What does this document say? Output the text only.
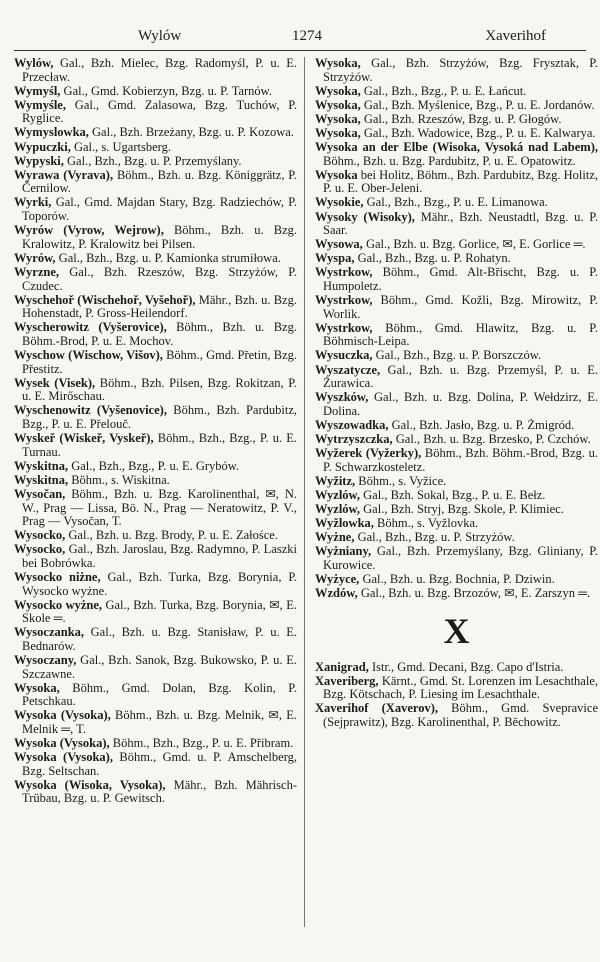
Wylów	1274	Xaverihof

Wylów, Gal., Bzh. Mielec, Bzg. Radomyśl, P. u. E. Przecław.

Wymyśl, Gal., Gmd. Kobierzyn, Bzg. u. P. Tarnów.

Wymyśle, Gal., Gmd. Zalasowa, Bzg. Tuchów, P. Ryglice.

Wymyslowka, Gal., Bzh. Brzeżany, Bzg. u. P. Kozowa.

Wypuczki, Gal., s. Ugartsberg.

Wypyski, Gal., Bzh., Bzg. u. P. Przemyślany.

Wyrawa (Vyrava), Böhm., Bzh. u. Bzg. Königgrätz, P. Černilow.

Wyrki, Gal., Gmd. Majdan Stary, Bzg. Radziechów, P. Toporów.

Wyrów (Vyrow, Wejrow), Böhm., Bzh. u. Bzg. Kralowitz, P. Kralowitz bei Pilsen.

Wyrów, Gal., Bzh., Bzg. u. P. Kamionka strumiłowa.

Wyrzne, Gal., Bzh. Rzeszów, Bzg. Strzyżów, P. Czudec.

Wyschehoř (Wischehoř, Vyšehoř), Mähr., Bzh. u. Bzg. Hohenstadt, P. Gross-Heilendorf.

Wyscherowitz (Vyšerovice), Böhm., Bzh. u. Bzg. Böhm.-Brod, P. u. E. Mochov.

Wyschow (Wischow, Višov), Böhm., Gmd. Přetin, Bzg. Přestitz.

Wysek (Visek), Böhm., Bzh. Pilsen, Bzg. Rokitzan, P. u. E. Mirőschau.

Wyschenowitz (Vyšenovice), Böhm., Bzh. Pardubitz, Bzg., P. u. E. Přelouč.

Wyskeř (Wiskeř, Vyskeř), Böhm., Bzh., Bzg., P. u. E. Turnau.

Wyskitna, Gal., Bzh., Bzg., P. u. E. Grybów.

Wyskitna, Böhm., s. Wiskitna.

Wysočan, Böhm., Bzh. u. Bzg. Karolinenthal, ✉, N. W., Prag — Lissa, Bö. N., Prag — Neratowitz, P. V., Prag — Vysočan, T.

Wysocko, Gal., Bzh. u. Bzg. Brody, P. u. E. Załośce.

Wysocko, Gal., Bzh. Jaroslau, Bzg. Radymno, P. Laszki bei Bobrówka.

Wysocko niżne, Gal., Bzh. Turka, Bzg. Borynia, P. Wysocko wyżne.

Wysocko wyżne, Gal., Bzh. Turka, Bzg. Borynia, ✉, E. Skole ═.

Wysoczanka, Gal., Bzh. u. Bzg. Stanisław, P. u. E. Bednarów.

Wysoczany, Gal., Bzh. Sanok, Bzg. Bukowsko, P. u. E. Szczawne.

Wysoka, Böhm., Gmd. Dolan, Bzg. Kolin, P. Petschkau.

Wysoka (Vysoka), Böhm., Bzh. u. Bzg. Melnik, ✉, E. Melnik ═, T.

Wysoka (Vysoka), Böhm., Bzh., Bzg., P. u. E. Přibram.

Wysoka (Vysoka), Böhm., Gmd. u. P. Amschelberg, Bzg. Seltschan.

Wysoka (Wisoka, Vysoka), Mähr., Bzh. Mährisch-Trübau, Bzg. u. P. Gewitsch.

Wysoka, Gal., Bzh. Strzyżów, Bzg. Frysztak, P. Strzyżów.

Wysoka, Gal., Bzh., Bzg., P. u. E. Łańcut.

Wysoka, Gal., Bzh. Myślenice, Bzg., P. u. E. Jordanów.

Wysoka, Gal., Bzh. Rzeszów, Bzg. u. P. Głogów.

Wysoka, Gal., Bzh. Wadowice, Bzg., P. u. E. Kalwarya.

Wysoka an der Elbe (Wisoka, Vysoká nad Labem), Böhm., Bzh. u. Bzg. Pardubitz, P. u. E. Opatowitz.

Wysoka bei Holitz, Böhm., Bzh. Pardubitz, Bzg. Holitz, P. u. E. Ober-Jeleni.

Wysokie, Gal., Bzh., Bzg., P. u. E. Limanowa.

Wysoky (Wisoky), Mähr., Bzh. Neustadtl, Bzg. u. P. Saar.

Wysowa, Gal., Bzh. u. Bzg. Gorlice, ✉, E. Gorlice ═.

Wyspa, Gal., Bzh., Bzg. u. P. Rohatyn.

Wystrkow, Böhm., Gmd. Alt-Břischt, Bzg. u. P. Humpoletz.

Wystrkow, Böhm., Gmd. Kožli, Bzg. Mirowitz, P. Worlik.

Wystrkow, Böhm., Gmd. Hlawitz, Bzg. u. P. Böhmisch-Leipa.

Wysuczka, Gal., Bzh., Bzg. u. P. Borszczów.

Wyszatycze, Gal., Bzh. u. Bzg. Przemyśl, P. u. E. Żurawica.

Wyszków, Gal., Bzh. u. Bzg. Dolina, P. Wełdzirz, E. Dolina.

Wyszowadka, Gal., Bzh. Jasło, Bzg. u. P. Żmigród.

Wytrzyszczka, Gal., Bzh. u. Bzg. Brzesko, P. Czchów.

Wyžerek (Vyžerky), Böhm., Bzh. Böhm.-Brod, Bzg. u. P. Schwarzkosteletz.

Wyžitz, Böhm., s. Vyžice.

Wyzlów, Gal., Bzh. Sokal, Bzg., P. u. E. Bełz.

Wyzlów, Gal., Bzh. Stryj, Bzg. Skole, P. Klimiec.

Wyžlowka, Böhm., s. Vyžlovka.

Wyżne, Gal., Bzh., Bzg. u. P. Strzyżów.

Wyżniany, Gal., Bzh. Przemyślany, Bzg. Gliniany, P. Kurowice.

Wyżyce, Gal., Bzh. u. Bzg. Bochnia, P. Dziwin.

Wzdów, Gal., Bzh. u. Bzg. Brzozów, ✉, E. Zarszyn ═.

X

Xanigrad, Istr., Gmd. Decani, Bzg. Capo d'Istria.

Xaveriberg, Kärnt., Gmd. St. Lorenzen im Lesachthale, Bzg. Kötschach, P. Liesing im Lesachthale.

Xaverihof (Xaverov), Böhm., Gmd. Svepravice (Sejprawitz), Bzg. Karolinenthal, P. Běchowitz.
